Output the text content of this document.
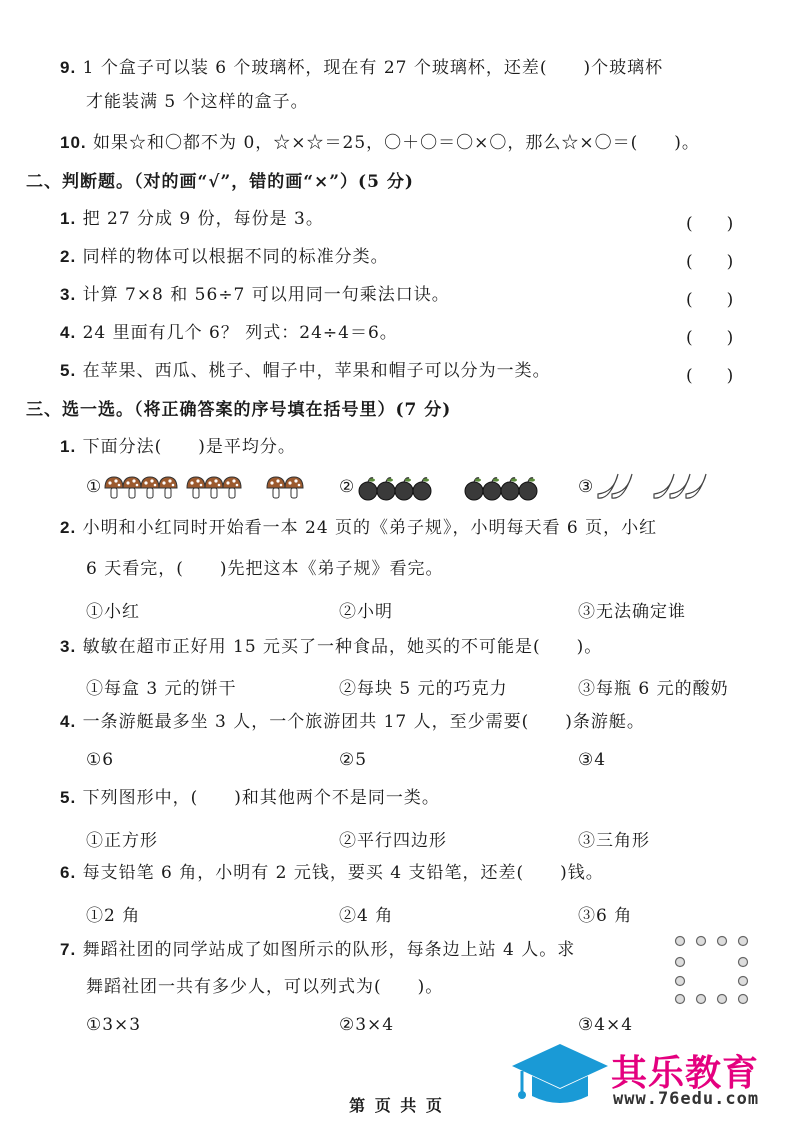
9. 1 个盒子可以装 6 个玻璃杯，现在有 27 个玻璃杯，还差(　　)个玻璃杯
才能装满 5 个这样的盒子。
10. 如果☆和〇都不为 0，☆×☆＝25，〇＋〇＝〇×〇，那么☆×〇＝(　　)。
二、判断题。（对的画“√”，错的画“×”）(5 分)
1. 把 27 分成 9 份，每份是 3。	(　　)
2. 同样的物体可以根据不同的标准分类。	(　　)
3. 计算 7×8 和 56÷7 可以用同一句乘法口诀。	(　　)
4. 24 里面有几个 6？ 列式：24÷4＝6。	(　　)
5. 在苹果、西瓜、桃子、帽子中，苹果和帽子可以分为一类。	(　　)
三、选一选。（将正确答案的序号填在括号里）(7 分)
1. 下面分法(　　)是平均分。
①	②	③
2. 小明和小红同时开始看一本 24 页的《弟子规》，小明每天看 6 页，小红
6 天看完，(　　)先把这本《弟子规》看完。
①小红	②小明	③无法确定谁
3. 敏敏在超市正好用 15 元买了一种食品，她买的不可能是(　　)。
①每盒 3 元的饼干	②每块 5 元的巧克力	③每瓶 6 元的酸奶
4. 一条游艇最多坐 3 人，一个旅游团共 17 人，至少需要(　　)条游艇。
①6	②5	③4
5. 下列图形中，(　　)和其他两个不是同一类。
①正方形	②平行四边形	③三角形
6. 每支铅笔 6 角，小明有 2 元钱，要买 4 支铅笔，还差(　　)钱。
①2 角	②4 角	③6 角
7. 舞蹈社团的同学站成了如图所示的队形，每条边上站 4 人。求
舞蹈社团一共有多少人，可以列式为(　　)。
①3×3	②3×4	③4×4
其乐教育
www.76edu.com
第 页 共 页
